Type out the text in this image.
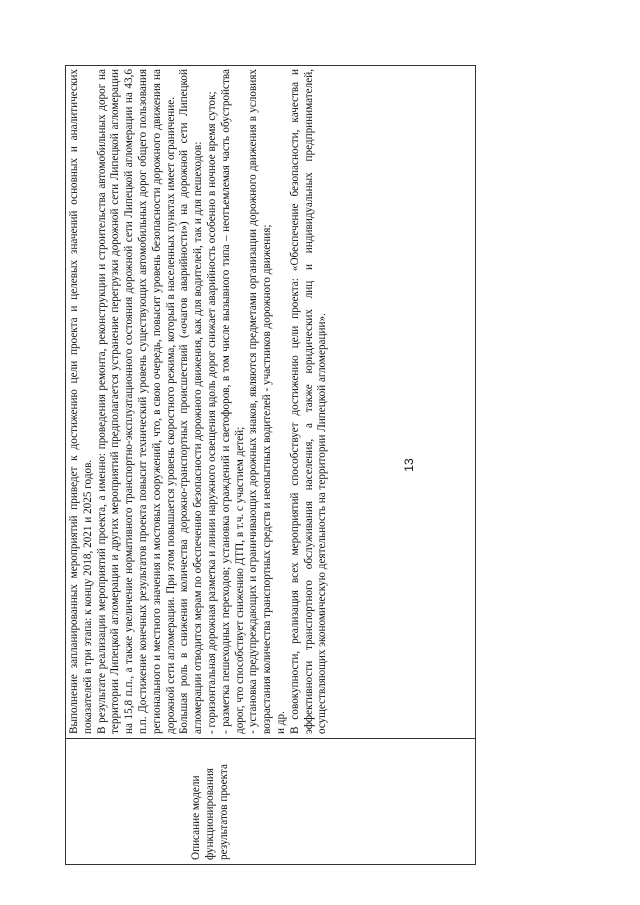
Описание модели функционирования результатов проекта

Выполнение запланированных мероприятий приведет к достижению цели проекта и целевых значений основных и аналитических показателей в три этапа: к концу 2018, 2021 и 2025 годов. В результате реализации мероприятий проекта, а именно: проведения ремонта, реконструкции и строительства автомобильных дорог на территории Липецкой агломерации и других мероприятий предполагается устранение перегрузки дорожной сети Липецкой агломерации на 15,8 п.п., а также увеличение нормативного транспортно-эксплуатационного состояния дорожной сети Липецкой агломерации на 43,6 п.п. Достижение конечных результатов проекта повысит технический уровень существующих автомобильных дорог общего пользования регионального и местного значения и мостовых сооружений, что, в свою очередь, повысит уровень безопасности дорожного движения на дорожной сети агломерации. При этом повышается уровень скоростного режима, который в населенных пунктах имеет ограничение. Большая роль в снижении количества дорожно-транспортных происшествий («очагов аварийности») на дорожной сети Липецкой агломерации отводится мерам по обеспечению безопасности дорожного движения, как для водителей, так и для пешеходов: - горизонтальная дорожная разметка и линии наружного освещения вдоль дорог снижает аварийность особенно в ночное время суток; - разметка пешеходных переходов; установка ограждений и светофоров, в том числе вызывного типа – неотъемлемая часть обустройства дорог, что способствует снижению ДТП, в т.ч. с участием детей; - установка предупреждающих и ограничивающих дорожных знаков, являются предметами организации дорожного движения в условиях возрастания количества транспортных средств и неопытных водителей - участников дорожного движения; и др. В совокупности, реализация всех мероприятий способствует достижению цели проекта: «Обеспечение безопасности, качества и эффективности транспортного обслуживания населения, а также юридических лиц и индивидуальных предпринимателей, осуществляющих экономическую деятельность на территории Липецкой агломерации».	13
